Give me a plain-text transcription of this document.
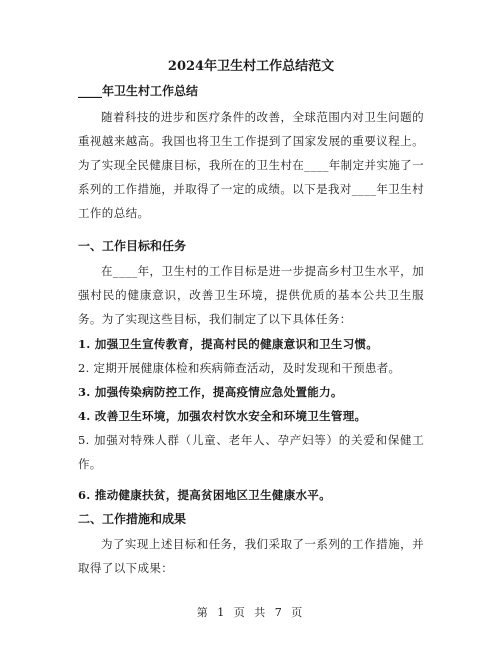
2024年卫生村工作总结范文
____年卫生村工作总结

随着科技的进步和医疗条件的改善，全球范围内对卫生问题的重视越来越高。我国也将卫生工作提到了国家发展的重要议程上。为了实现全民健康目标，我所在的卫生村在____年制定并实施了一系列的工作措施，并取得了一定的成绩。以下是我对____年卫生村工作的总结。

一、工作目标和任务

在____年，卫生村的工作目标是进一步提高乡村卫生水平，加强村民的健康意识，改善卫生环境，提供优质的基本公共卫生服务。为了实现这些目标，我们制定了以下具体任务：

1. 加强卫生宣传教育，提高村民的健康意识和卫生习惯。

2. 定期开展健康体检和疾病筛查活动，及时发现和干预患者。

3. 加强传染病防控工作，提高疫情应急处置能力。

4. 改善卫生环境，加强农村饮水安全和环境卫生管理。

5. 加强对特殊人群（儿童、老年人、孕产妇等）的关爱和保健工作。

6. 推动健康扶贫，提高贫困地区卫生健康水平。

二、工作措施和成果

为了实现上述目标和任务，我们采取了一系列的工作措施，并取得了以下成果：

第 1 页 共 7 页
